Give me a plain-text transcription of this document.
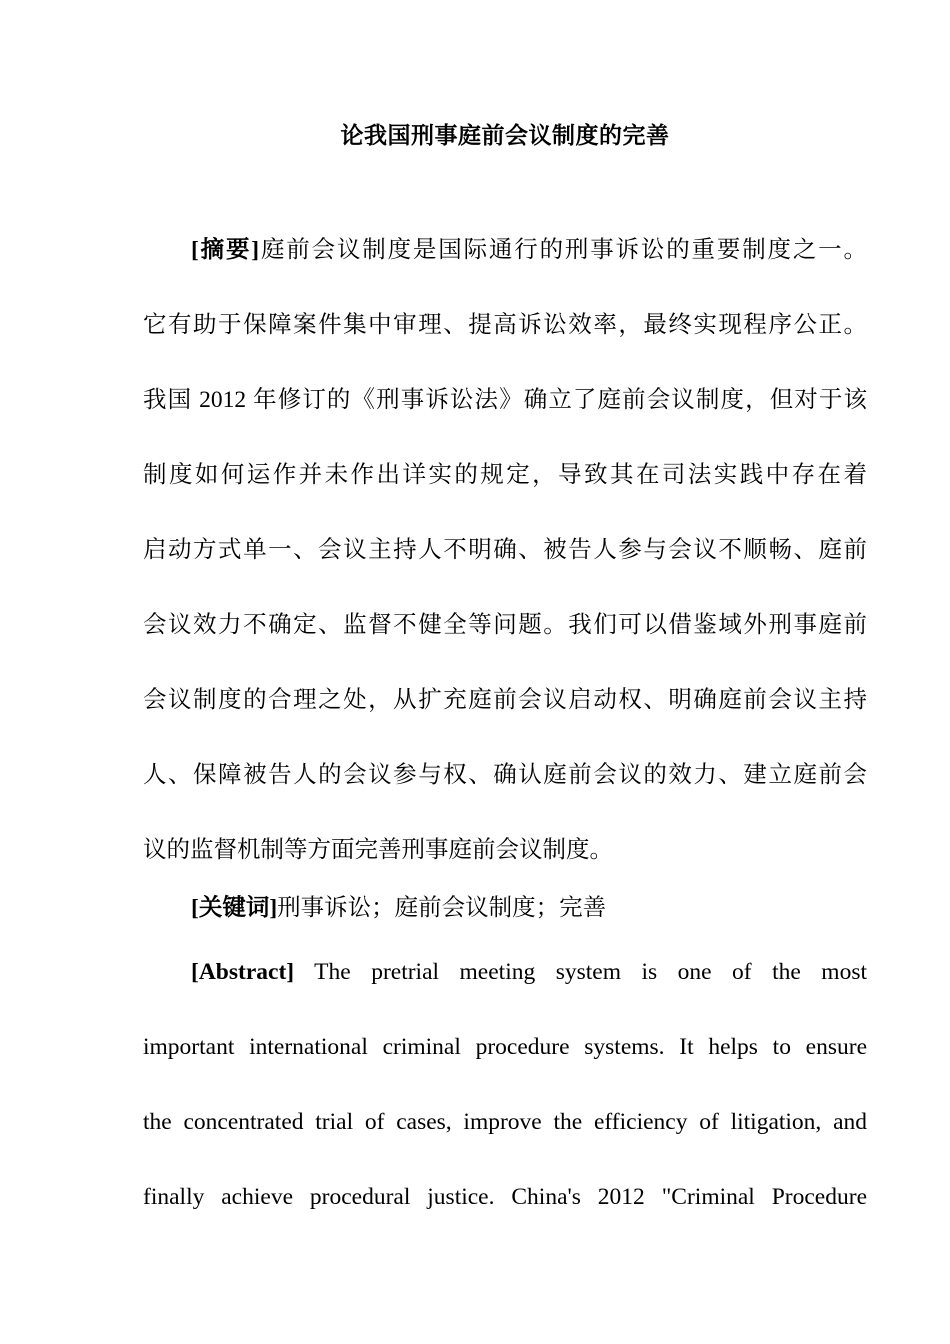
论我国刑事庭前会议制度的完善
[摘要]庭前会议制度是国际通行的刑事诉讼的重要制度之一。
它有助于保障案件集中审理、提高诉讼效率，最终实现程序公正。
我国 2012 年修订的《刑事诉讼法》确立了庭前会议制度，但对于该
制度如何运作并未作出详实的规定，导致其在司法实践中存在着
启动方式单一、会议主持人不明确、被告人参与会议不顺畅、庭前
会议效力不确定、监督不健全等问题。我们可以借鉴域外刑事庭前
会议制度的合理之处，从扩充庭前会议启动权、明确庭前会议主持
人、保障被告人的会议参与权、确认庭前会议的效力、建立庭前会
议的监督机制等方面完善刑事庭前会议制度。
[关键词]刑事诉讼；庭前会议制度；完善
[Abstract] The pretrial meeting system is one of the most
important international criminal procedure systems. It helps to ensure
the concentrated trial of cases, improve the efficiency of litigation, and
finally achieve procedural justice. China's 2012 "Criminal Procedure
